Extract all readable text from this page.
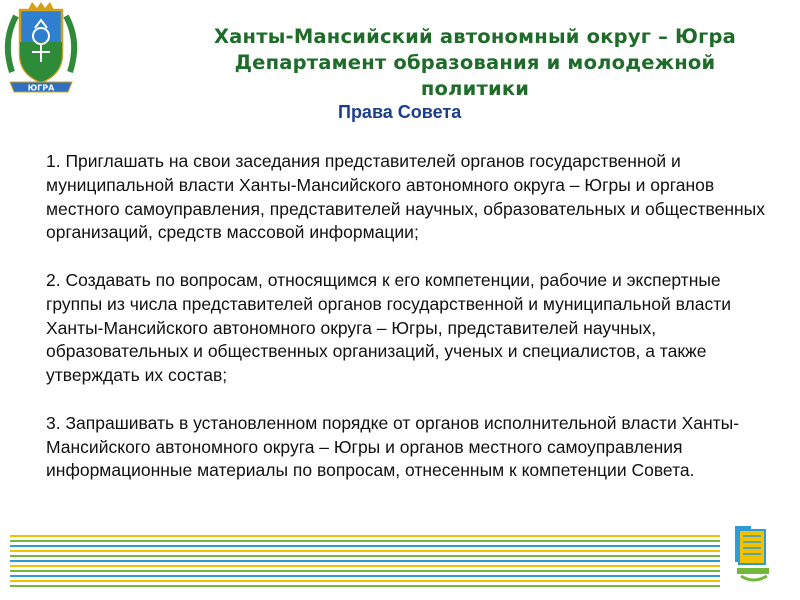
ЮГРА
Ханты-Мансийский автономный округ – Югра
Департамент образования и молодежной
политики
Права Совета

1. Приглашать на свои заседания представителей органов государственной и муниципальной власти Ханты-Мансийского автономного округа – Югры и органов местного самоуправления, представителей научных, образовательных и общественных организаций, средств массовой информации;

2. Создавать по вопросам, относящимся к его компетенции, рабочие и экспертные группы из числа представителей органов государственной и муниципальной власти Ханты-Мансийского автономного округа – Югры, представителей научных, образовательных и общественных организаций, ученых и специалистов, а также утверждать их состав;

3. Запрашивать в установленном порядке от органов исполнительной власти Ханты-Мансийского автономного округа – Югры и органов местного самоуправления информационные материалы по вопросам, отнесенным к компетенции Совета.
